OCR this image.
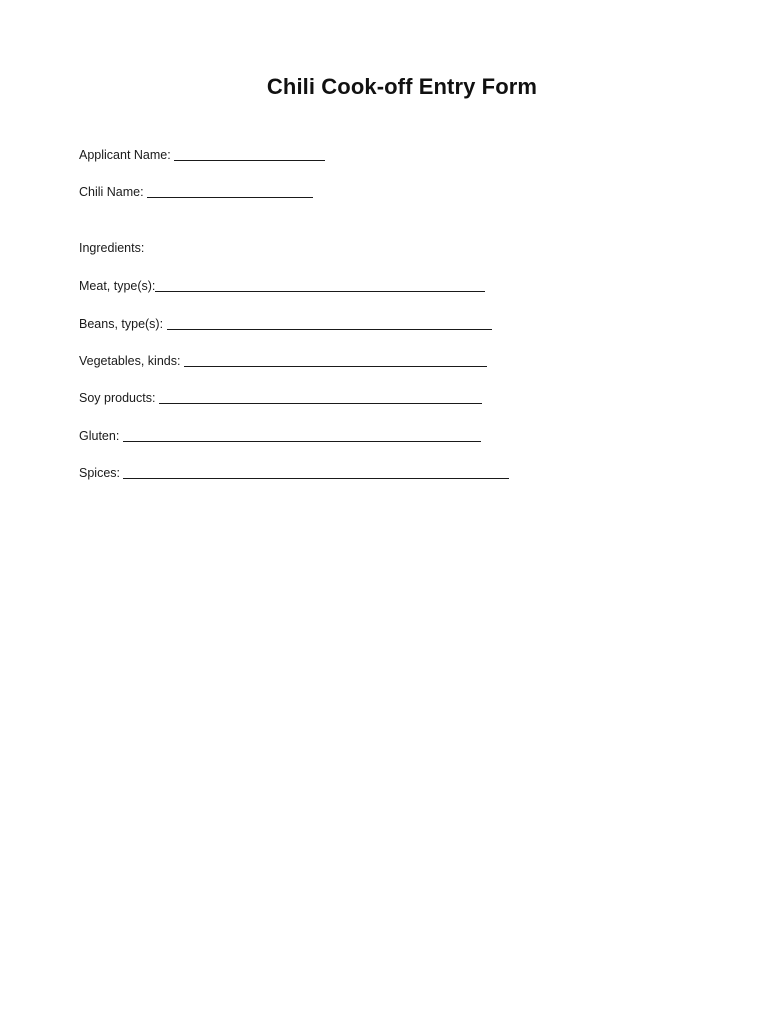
Chili Cook-off Entry Form
Applicant Name:
Chili Name:
Ingredients:
Meat, type(s):
Beans, type(s):
Vegetables, kinds:
Soy products:
Gluten:
Spices:
